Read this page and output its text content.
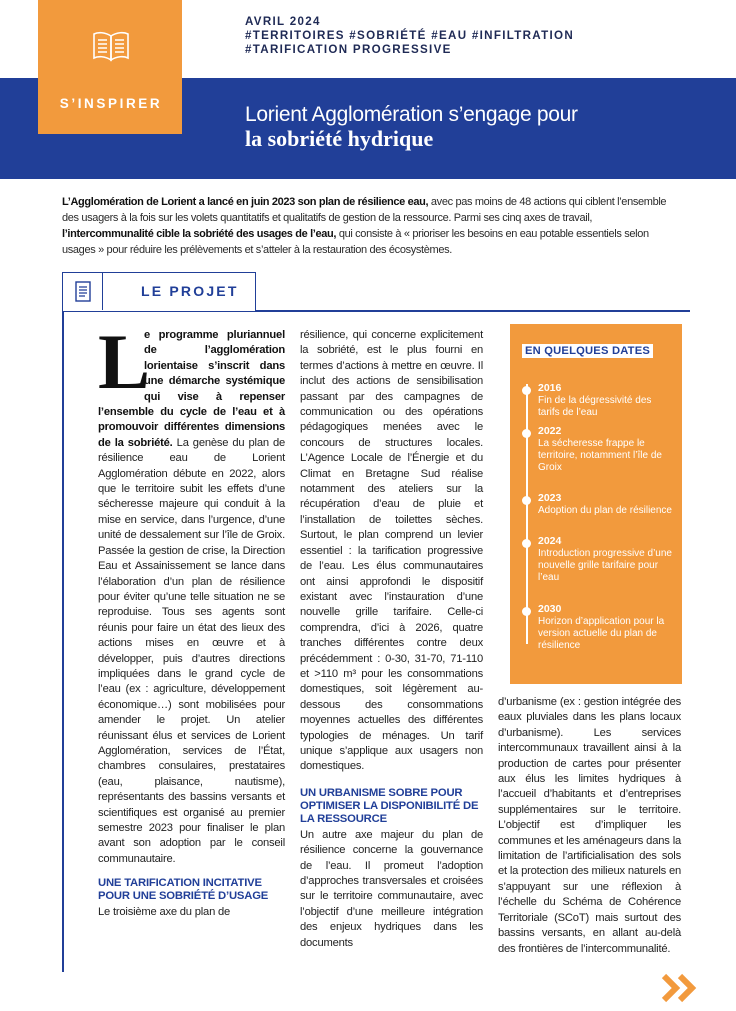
AVRIL 2024
#TERRITOIRES #SOBRIÉTÉ #EAU #INFILTRATION
#TARIFICATION PROGRESSIVE
S’INSPIRER	Lorient Agglomération s’engage pour
la sobriété hydrique

L’Agglomération de Lorient a lancé en juin 2023 son plan de résilience eau, avec pas moins de 48 actions qui ciblent l’ensemble des usagers à la fois sur les volets quantitatifs et qualitatifs de gestion de la ressource. Parmi ses cinq axes de travail, l’intercommunalité cible la sobriété des usages de l’eau, qui consiste à « prioriser les besoins en eau potable essentiels selon usages » pour réduire les prélèvements et s’atteler à la restauration des écosystèmes.

LE PROJET

L
e programme pluriannuel de l’agglomération lorientaise s’inscrit dans une démarche systémique qui vise à repenser l’ensemble du cycle de l’eau et à promouvoir différentes dimensions de la sobriété. La genèse du plan de résilience eau de Lorient Agglomération débute en 2022, alors que le territoire subit les effets d’une sécheresse majeure qui conduit à la mise en service, dans l’urgence, d’une unité de dessalement sur l’île de Groix. Passée la gestion de crise, la Direction Eau et Assainissement se lance dans l’élaboration d’un plan de résilience pour éviter qu’une telle situation ne se reproduise. Tous ses agents sont réunis pour faire un état des lieux des actions mises en œuvre et à développer, puis d’autres directions impliquées dans le grand cycle de l’eau (ex : agriculture, développement économique…) sont mobilisées pour amender le projet. Un atelier réunissant élus et services de Lorient Agglomération, services de l’État, chambres consulaires, prestataires (eau, plaisance, nautisme), représentants des bassins versants et scientifiques est organisé au premier semestre 2023 pour finaliser le plan avant son adoption par le conseil communautaire.

UNE TARIFICATION INCITATIVE POUR UNE SOBRIÉTÉ D’USAGE

Le troisième axe du plan de

résilience, qui concerne explicitement la sobriété, est le plus fourni en termes d’actions à mettre en œuvre. Il inclut des actions de sensibilisation passant par des campagnes de communication ou des opérations pédagogiques menées avec le concours de structures locales. L’Agence Locale de l’Énergie et du Climat en Bretagne Sud réalise notamment des ateliers sur la récupération d’eau de pluie et l’installation de toilettes sèches. Surtout, le plan comprend un levier essentiel : la tarification progressive de l’eau. Les élus communautaires ont ainsi approfondi le dispositif existant avec l’instauration d’une nouvelle grille tarifaire. Celle-ci comprendra, d’ici à 2026, quatre tranches différentes contre deux précédemment : 0-30, 31-70, 71-110 et >110 m³ pour les consommations domestiques, soit légèrement au-dessous des consommations moyennes actuelles des différentes typologies de ménages. Un tarif unique s’applique aux usagers non domestiques.

UN URBANISME SOBRE POUR OPTIMISER LA DISPONIBILITÉ DE LA RESSOURCE

Un autre axe majeur du plan de résilience concerne la gouvernance de l’eau. Il promeut l’adoption d’approches transversales et croisées sur le territoire communautaire, avec l’objectif d’une meilleure intégration des enjeux hydriques dans les documents

EN QUELQUES DATES
2016
Fin de la dégressivité des tarifs de l’eau
2022
La sécheresse frappe le territoire, notamment l’île de Groix
2023
Adoption du plan de résilience
2024
Introduction progressive d’une nouvelle grille tarifaire pour l’eau
2030
Horizon d’application pour la version actuelle du plan de résilience

d’urbanisme (ex : gestion intégrée des eaux pluviales dans les plans locaux d’urbanisme). Les services intercommunaux travaillent ainsi à la production de cartes pour présenter aux élus les limites hydriques à l’accueil d’habitants et d’entreprises supplémentaires sur le territoire. L’objectif est d’impliquer les communes et les aménageurs dans la limitation de l’artificialisation des sols et la protection des milieux naturels en s’appuyant sur une réflexion à l’échelle du Schéma de Cohérence Territoriale (SCoT) mais surtout des bassins versants, en allant au-delà des frontières de l’intercommunalité.
